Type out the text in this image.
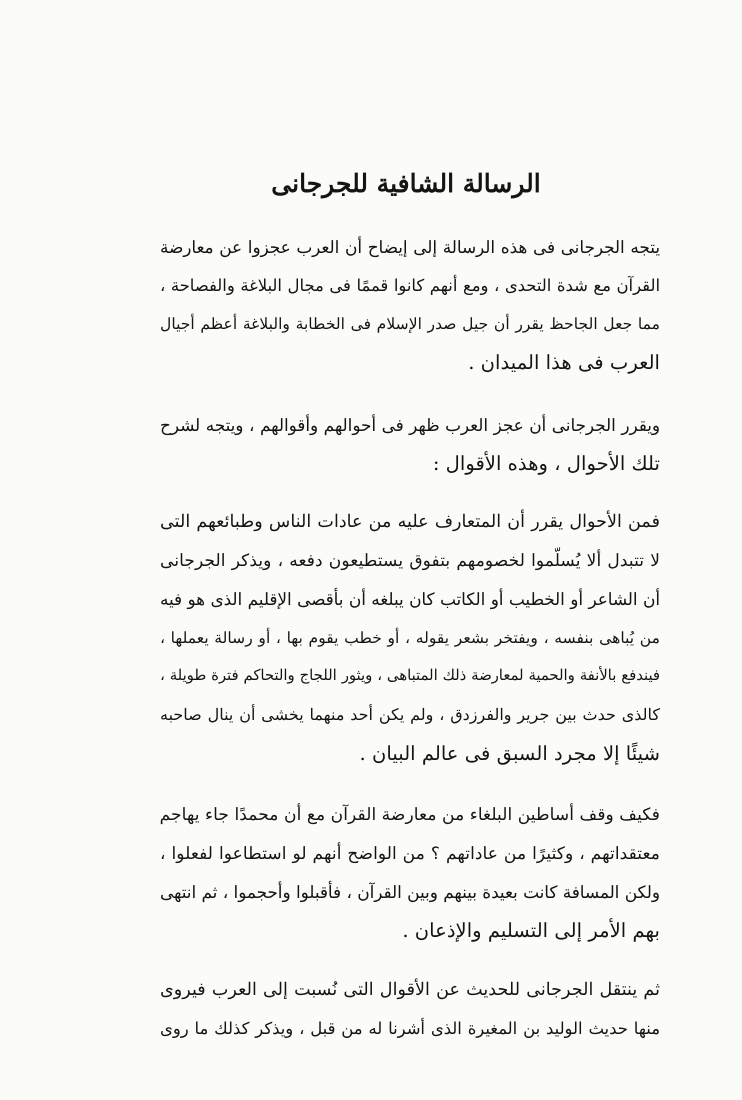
الرسالة الشافية للجرجانى
يتجه الجرجانى فى هذه الرسالة إلى إيضاح أن العرب عجزوا عن معارضة
القرآن مع شدة التحدى ، ومع أنهم كانوا قممًا فى مجال البلاغة والفصاحة ،
مما جعل الجاحظ يقرر أن جيل صدر الإسلام فى الخطابة والبلاغة أعظم أجيال
العرب فى هذا الميدان .
ويقرر الجرجانى أن عجز العرب ظهر فى أحوالهم وأقوالهم ، ويتجه لشرح
تلك الأحوال ، وهذه الأقوال :
فمن الأحوال يقرر أن المتعارف عليه من عادات الناس وطبائعهم التى
لا تتبدل ألا يُسلّموا لخصومهم بتفوق يستطيعون دفعه ، ويذكر الجرجانى
أن الشاعر أو الخطيب أو الكاتب كان يبلغه أن بأقصى الإقليم الذى هو فيه
من يُباهى بنفسه ، ويفتخر بشعر يقوله ، أو خطب يقوم بها ، أو رسالة يعملها ،
فيندفع بالأنفة والحمية لمعارضة ذلك المتباهى ، ويثور اللجاج والتحاكم فترة طويلة ،
كالذى حدث بين جرير والفرزدق ، ولم يكن أحد منهما يخشى أن ينال صاحبه
شيئًا إلا مجرد السبق فى عالم البيان .
فكيف وقف أساطين البلغاء من معارضة القرآن مع أن محمدًا جاء يهاجم
معتقداتهم ، وكثيرًا من عاداتهم ؟ من الواضح أنهم لو استطاعوا لفعلوا ،
ولكن المسافة كانت بعيدة بينهم وبين القرآن ، فأقبلوا وأحجموا ، ثم انتهى
بهم الأمر إلى التسليم والإذعان .
ثم ينتقل الجرجانى للحديث عن الأقوال التى نُسبت إلى العرب فيروى
منها حديث الوليد بن المغيرة الذى أشرنا له من قبل ، ويذكر كذلك ما روى
